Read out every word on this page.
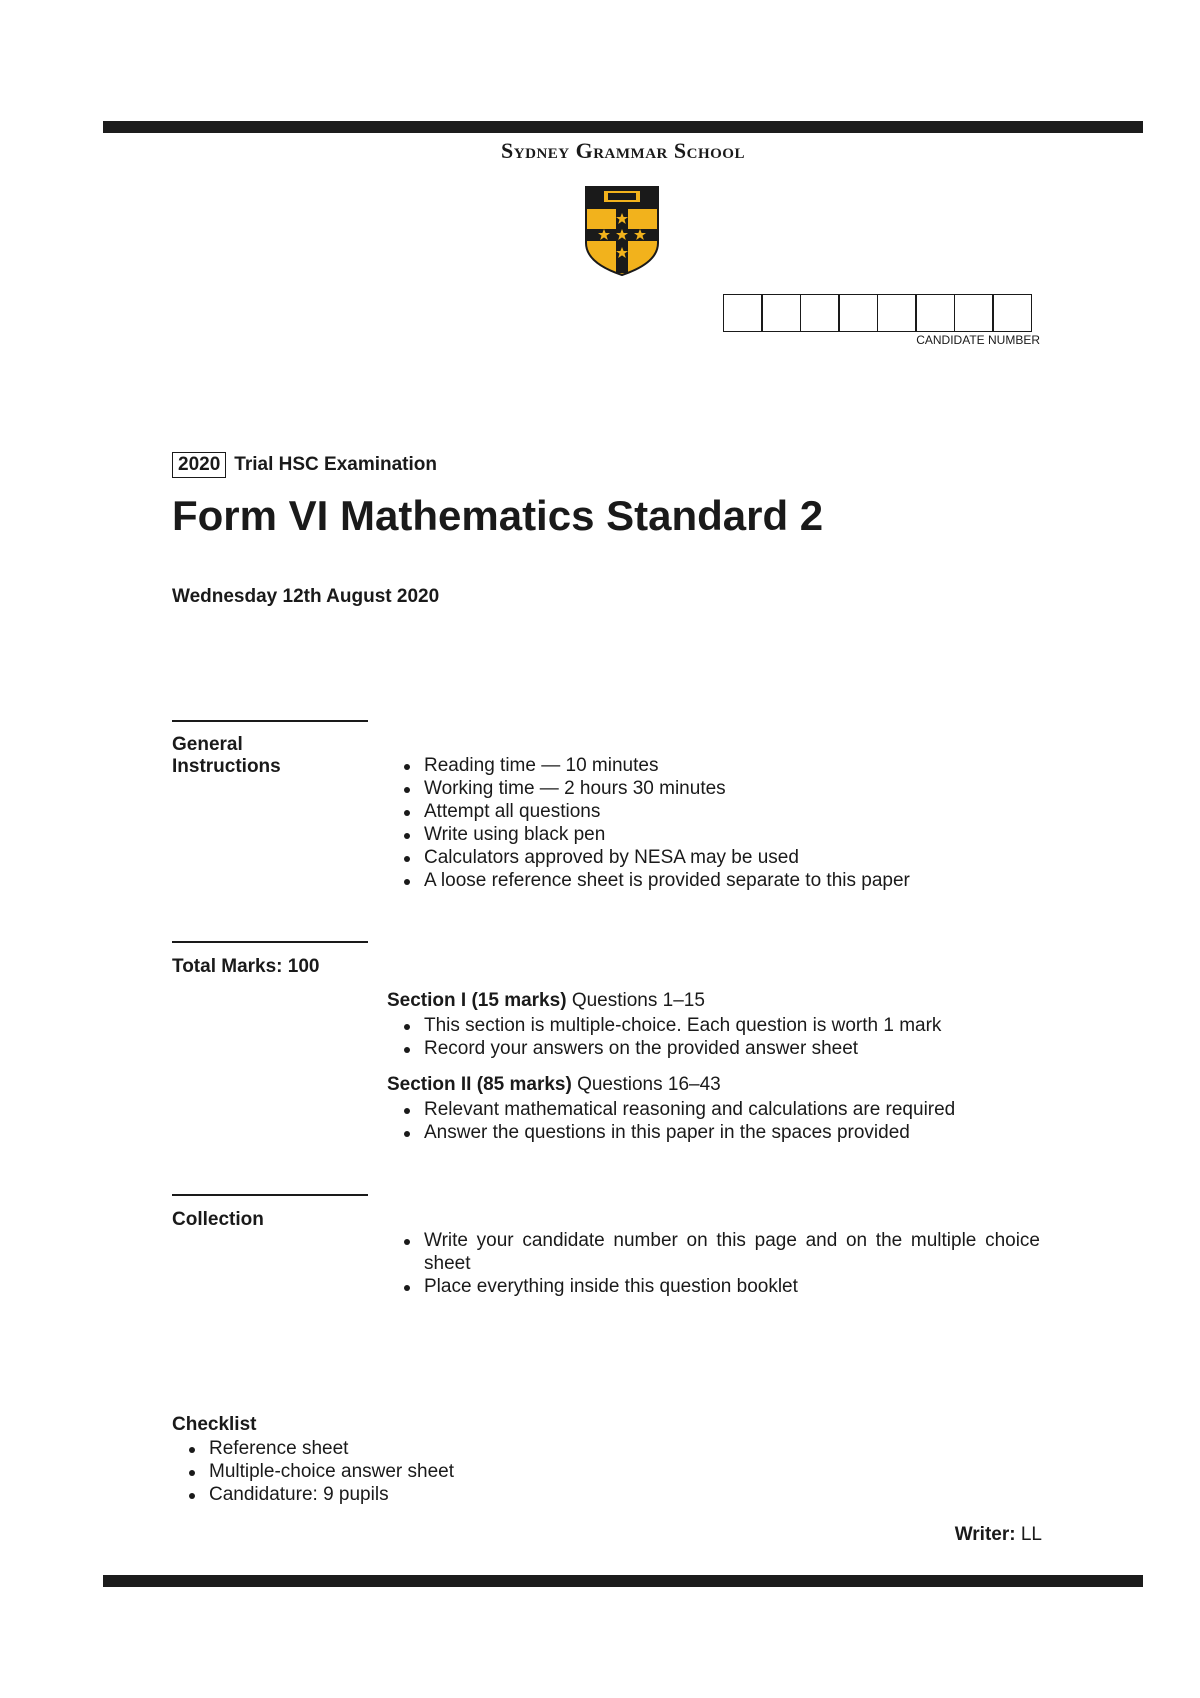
Sydney Grammar School
CANDIDATE NUMBER
2020 Trial HSC Examination
Form VI Mathematics Standard 2
Wednesday 12th August 2020
General
Instructions	Reading time — 10 minutes
Working time — 2 hours 30 minutes
Attempt all questions
Write using black pen
Calculators approved by NESA may be used
A loose reference sheet is provided separate to this paper
Total Marks: 100
Section I (15 marks) Questions 1–15
This section is multiple-choice. Each question is worth 1 mark
Record your answers on the provided answer sheet
Section II (85 marks) Questions 16–43
Relevant mathematical reasoning and calculations are required
Answer the questions in this paper in the spaces provided
Collection
Write your candidate number on this page and on the multiple choice sheet
Place everything inside this question booklet
Checklist
Reference sheet
Multiple-choice answer sheet
Candidature: 9 pupils
Writer: LL
